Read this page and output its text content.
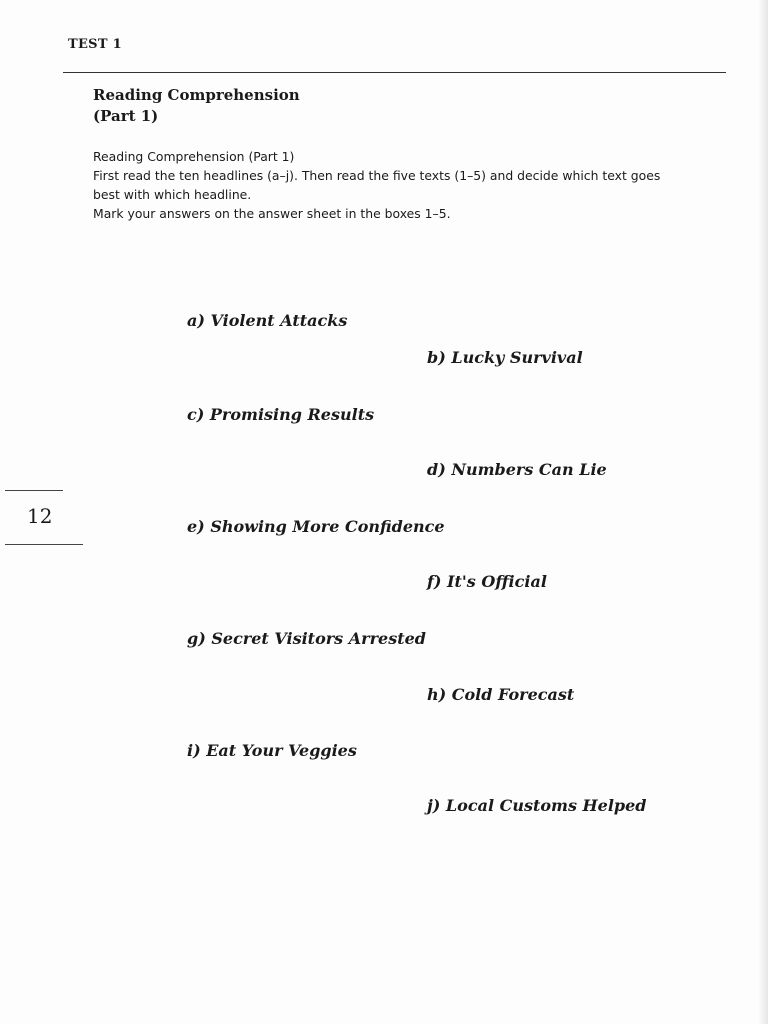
TEST 1
Reading Comprehension
(Part 1)
Reading Comprehension (Part 1)
First read the ten headlines (a–j). Then read the five texts (1–5) and decide which text goes
best with which headline.
Mark your answers on the answer sheet in the boxes 1–5.
a) Violent Attacks
b) Lucky Survival
c) Promising Results
d) Numbers Can Lie
e) Showing More Confidence
f) It's Official
g) Secret Visitors Arrested
h) Cold Forecast
i) Eat Your Veggies
j) Local Customs Helped
12
